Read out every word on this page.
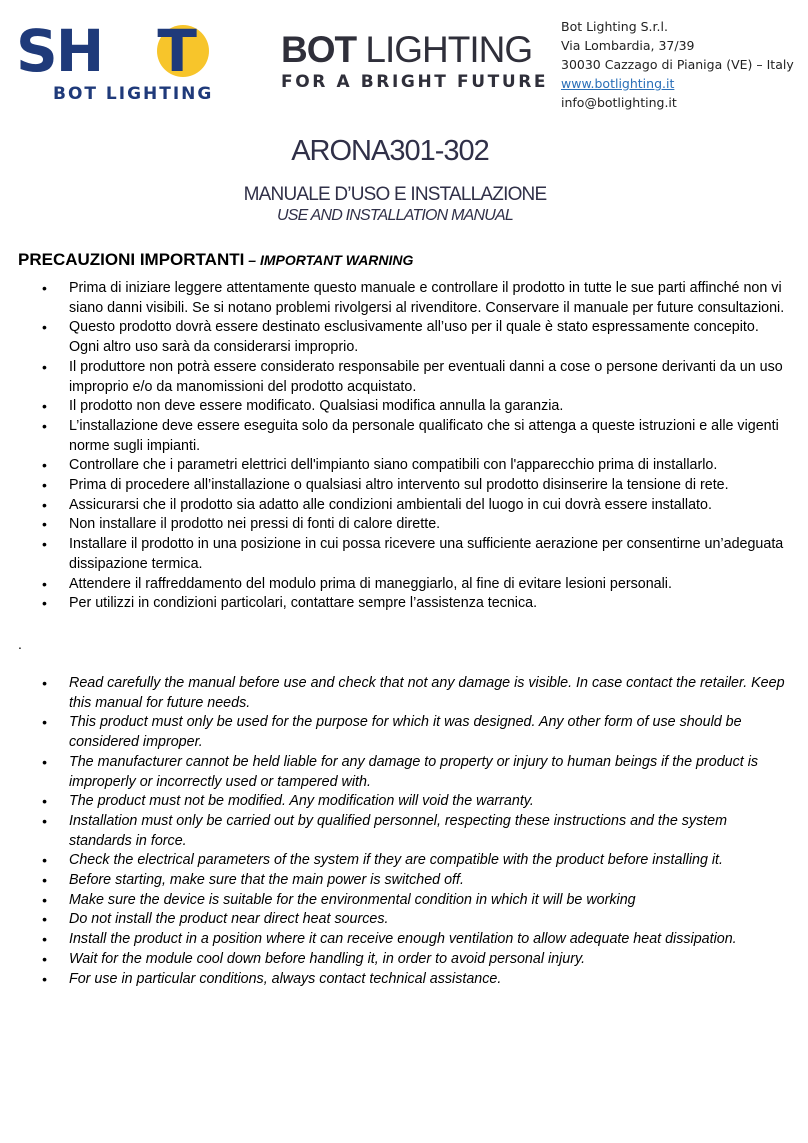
SH T
BOT LIGHTING
BOT LIGHTING
FOR A BRIGHT FUTURE
Bot Lighting S.r.l.
Via Lombardia, 37/39
30030 Cazzago di Pianiga (VE) – Italy
www.botlighting.it
info@botlighting.it
ARONA301-302
MANUALE D’USO E INSTALLAZIONE
USE AND INSTALLATION MANUAL
PRECAUZIONI IMPORTANTI – IMPORTANT WARNING
• Prima di iniziare leggere attentamente questo manuale e controllare il prodotto in tutte le sue parti affinché non vi siano danni visibili. Se si notano problemi rivolgersi al rivenditore. Conservare il manuale per future consultazioni.
• Questo prodotto dovrà essere destinato esclusivamente all’uso per il quale è stato espressamente concepito. Ogni altro uso sarà da considerarsi improprio.
• Il produttore non potrà essere considerato responsabile per eventuali danni a cose o persone derivanti da un uso improprio e/o da manomissioni del prodotto acquistato.
• Il prodotto non deve essere modificato. Qualsiasi modifica annulla la garanzia.
• L’installazione deve essere eseguita solo da personale qualificato che si attenga a queste istruzioni e alle vigenti norme sugli impianti.
• Controllare che i parametri elettrici dell'impianto siano compatibili con l'apparecchio prima di installarlo.
• Prima di procedere all’installazione o qualsiasi altro intervento sul prodotto disinserire la tensione di rete.
• Assicurarsi che il prodotto sia adatto alle condizioni ambientali del luogo in cui dovrà essere installato.
• Non installare il prodotto nei pressi di fonti di calore dirette.
• Installare il prodotto in una posizione in cui possa ricevere una sufficiente aerazione per consentirne un’adeguata dissipazione termica.
• Attendere il raffreddamento del modulo prima di maneggiarlo, al fine di evitare lesioni personali.
• Per utilizzi in condizioni particolari, contattare sempre l’assistenza tecnica.
.
• Read carefully the manual before use and check that not any damage is visible. In case contact the retailer. Keep this manual for future needs.
• This product must only be used for the purpose for which it was designed. Any other form of use should be considered improper.
• The manufacturer cannot be held liable for any damage to property or injury to human beings if the product is improperly or incorrectly used or tampered with.
• The product must not be modified. Any modification will void the warranty.
• Installation must only be carried out by qualified personnel, respecting these instructions and the system standards in force.
• Check the electrical parameters of the system if they are compatible with the product before installing it.
• Before starting, make sure that the main power is switched off.
• Make sure the device is suitable for the environmental condition in which it will be working
• Do not install the product near direct heat sources.
• Install the product in a position where it can receive enough ventilation to allow adequate heat dissipation.
• Wait for the module cool down before handling it, in order to avoid personal injury.
• For use in particular conditions, always contact technical assistance.
